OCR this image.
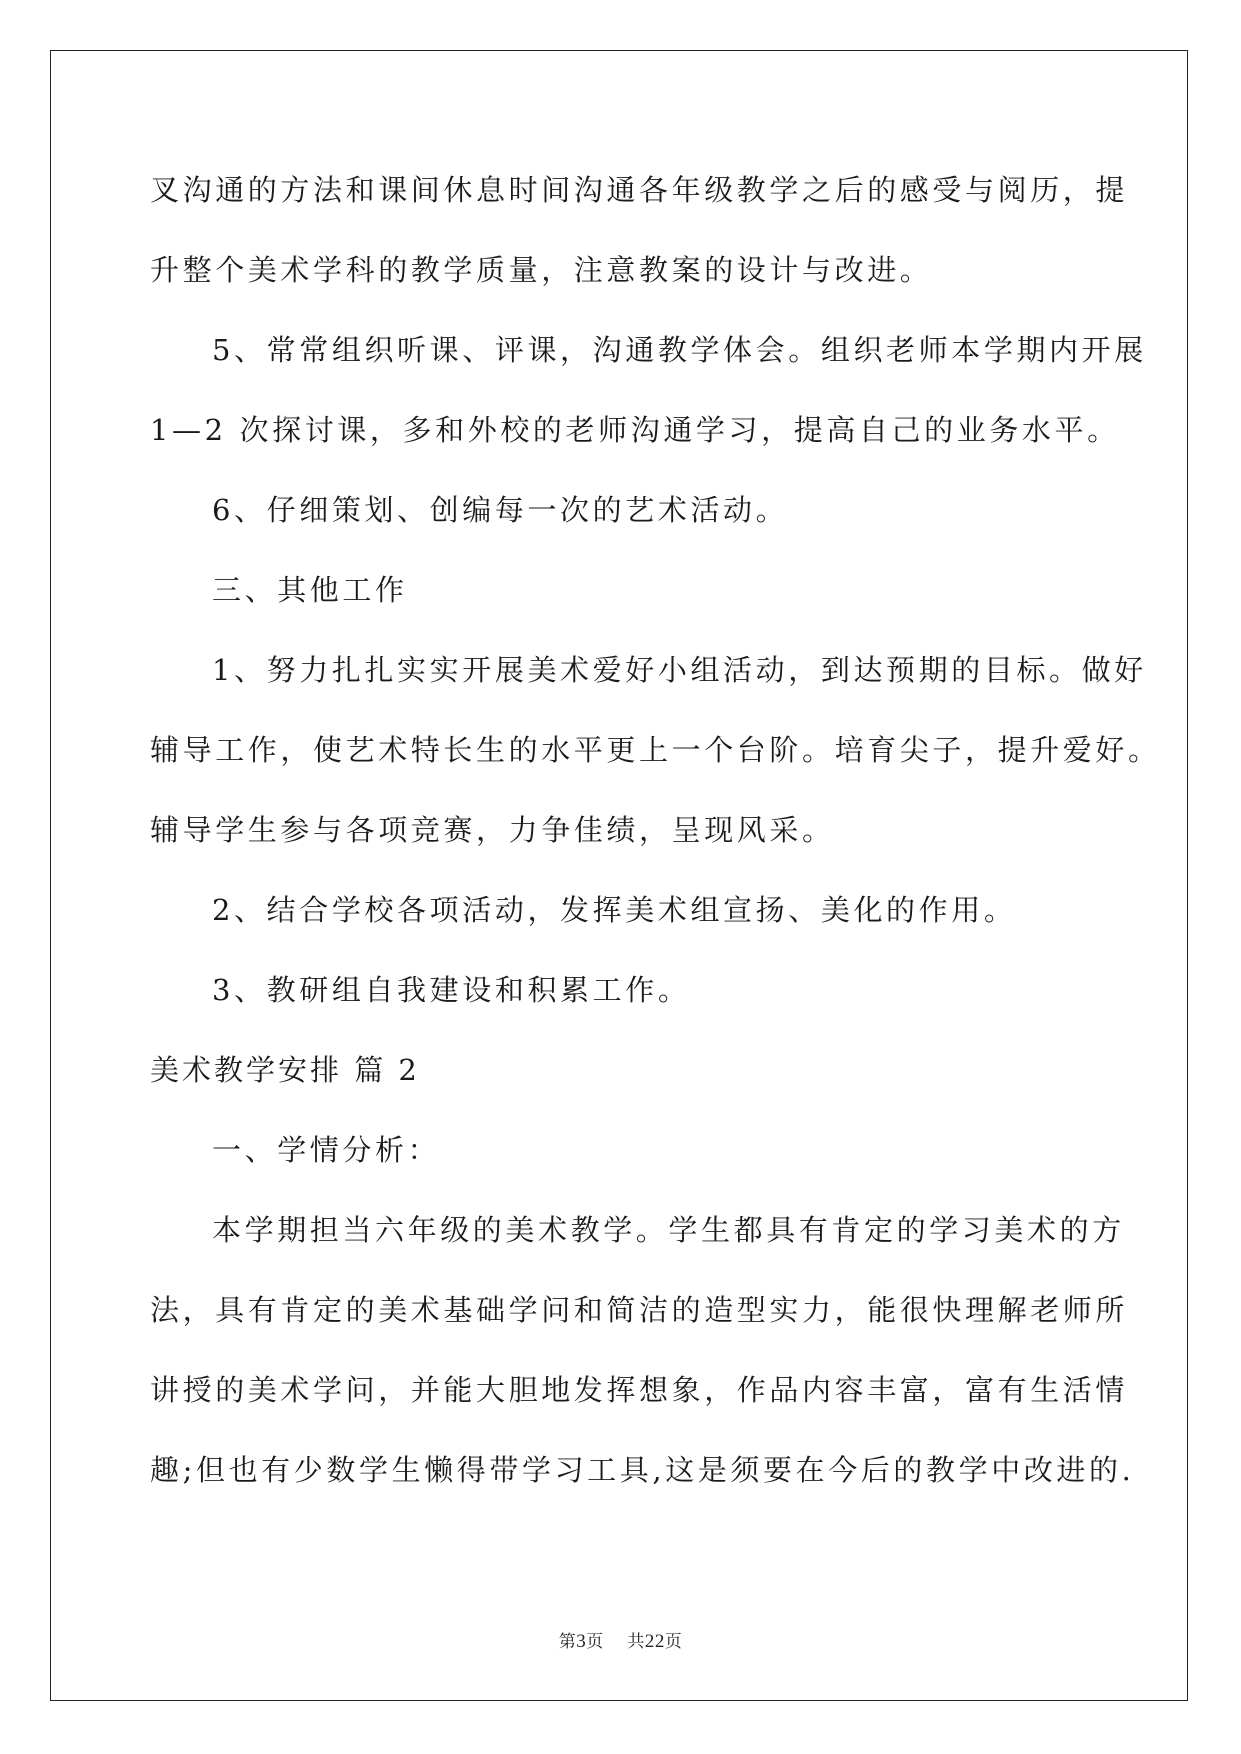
叉沟通的方法和课间休息时间沟通各年级教学之后的感受与阅历，提
升整个美术学科的教学质量，注意教案的设计与改进。
5、常常组织听课、评课，沟通教学体会。组织老师本学期内开展
1—2 次探讨课，多和外校的老师沟通学习，提高自己的业务水平。
6、仔细策划、创编每一次的艺术活动。
三、其他工作
1、努力扎扎实实开展美术爱好小组活动，到达预期的目标。做好
辅导工作，使艺术特长生的水平更上一个台阶。培育尖子，提升爱好。
辅导学生参与各项竞赛，力争佳绩，呈现风采。
2、结合学校各项活动，发挥美术组宣扬、美化的作用。
3、教研组自我建设和积累工作。
美术教学安排 篇 2
一、学情分析：
本学期担当六年级的美术教学。学生都具有肯定的学习美术的方
法，具有肯定的美术基础学问和简洁的造型实力，能很快理解老师所
讲授的美术学问，并能大胆地发挥想象，作品内容丰富，富有生活情
趣;但也有少数学生懒得带学习工具,这是须要在今后的教学中改进的.
第3页 共22页
